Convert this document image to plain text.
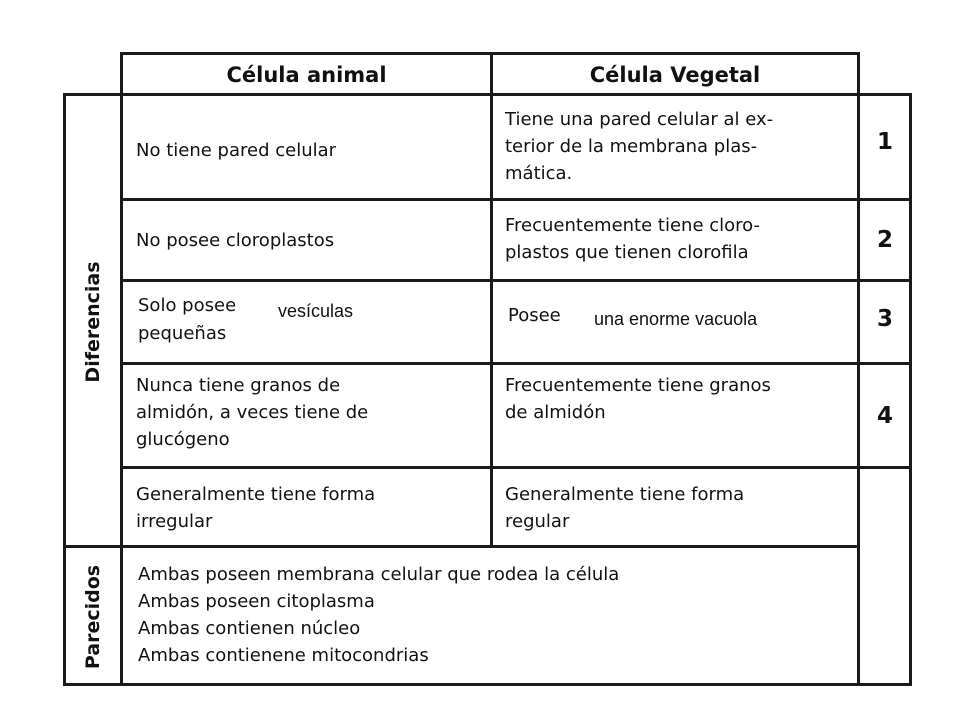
Célula animal	Célula Vegetal
Diferencias
Parecidos
No tiene pared celular
Tiene una pared celular al ex-
terior de la membrana plas-
mática.
No posee cloroplastos
Frecuentemente tiene cloro-
plastos que tienen clorofila
Solo posee vesículas
pequeñas
Posee una enorme vacuola
Nunca tiene granos de
almidón, a veces tiene de
glucógeno
Frecuentemente tiene granos
de almidón
Generalmente tiene forma
irregular
Generalmente tiene forma
regular
Ambas poseen membrana celular que rodea la célula
Ambas poseen citoplasma
Ambas contienen núcleo
Ambas contienene mitocondrias
1
2
3
4
